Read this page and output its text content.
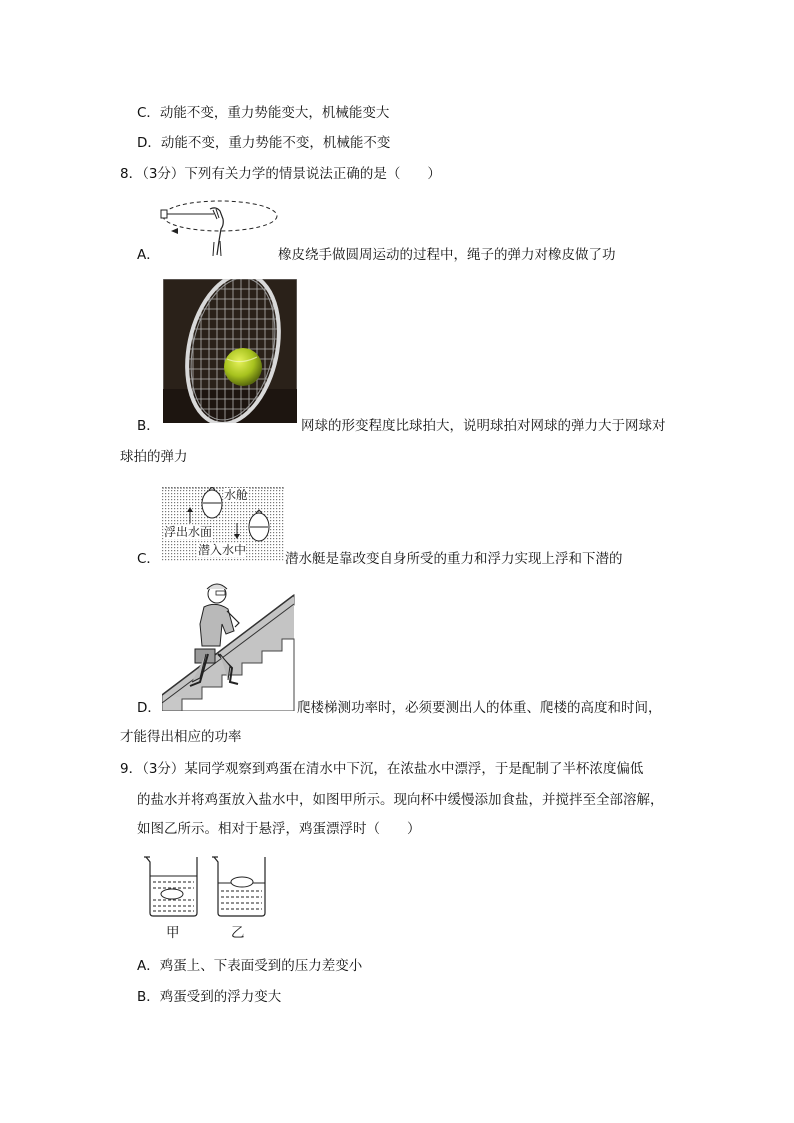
C．动能不变，重力势能变大，机械能变大
D．动能不变，重力势能不变，机械能不变
8．（3分）下列有关力学的情景说法正确的是（　　）
A．	橡皮绕手做圆周运动的过程中，绳子的弹力对橡皮做了功
B．	网球的形变程度比球拍大，说明球拍对网球的弹力大于网球对
球拍的弹力
水舱
浮出水面
潜入水中
C．	潜水艇是靠改变自身所受的重力和浮力实现上浮和下潜的
D．	爬楼梯测功率时，必须要测出人的体重、爬楼的高度和时间，
才能得出相应的功率
9．（3分）某同学观察到鸡蛋在清水中下沉，在浓盐水中漂浮，于是配制了半杯浓度偏低
的盐水并将鸡蛋放入盐水中，如图甲所示。现向杯中缓慢添加食盐，并搅拌至全部溶解，
如图乙所示。相对于悬浮，鸡蛋漂浮时（　　）
甲	乙
A．鸡蛋上、下表面受到的压力差变小
B．鸡蛋受到的浮力变大
